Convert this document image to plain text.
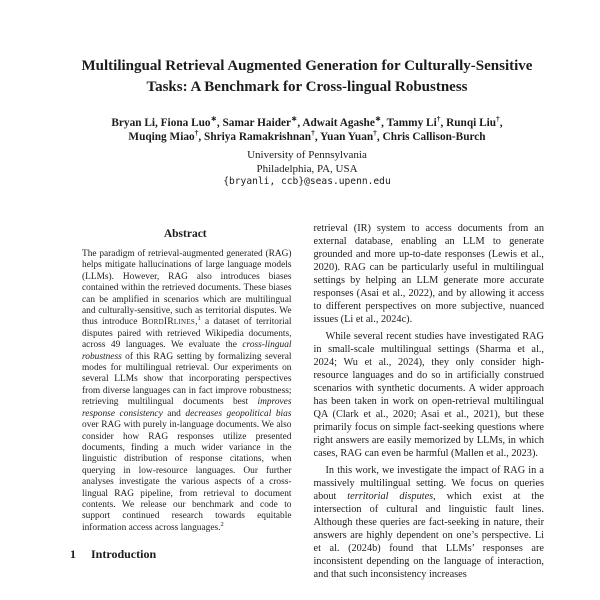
Multilingual Retrieval Augmented Generation for Culturally-Sensitive
Tasks: A Benchmark for Cross-lingual Robustness
Bryan Li, Fiona Luo∗, Samar Haider∗, Adwait Agashe∗, Tammy Li†, Runqi Liu†,
Muqing Miao†, Shriya Ramakrishnan†, Yuan Yuan†, Chris Callison-Burch
University of Pennsylvania
Philadelphia, PA, USA
{bryanli, ccb}@seas.upenn.edu
Abstract

The paradigm of retrieval-augmented generated (RAG) helps mitigate hallucinations of large language models (LLMs). However, RAG also introduces biases contained within the retrieved documents. These biases can be amplified in scenarios which are multilingual and culturally-sensitive, such as territorial disputes. We thus introduce BordIRlines,$^1$ a dataset of territorial disputes paired with retrieved Wikipedia documents, across 49 languages. We evaluate the cross-lingual robustness of this RAG setting by formalizing several modes for multilingual retrieval. Our experiments on several LLMs show that incorporating perspectives from diverse languages can in fact improve robustness; retrieving multilingual documents best improves response consistency and decreases geopolitical bias over RAG with purely in-language documents. We also consider how RAG responses utilize presented documents, finding a much wider variance in the linguistic distribution of response citations, when querying in low-resource languages. Our further analyses investigate the various aspects of a cross-lingual RAG pipeline, from retrieval to document contents. We release our benchmark and code to support continued research towards equitable information access across languages.$^2$

1 Introduction

retrieval (IR) system to access documents from an external database, enabling an LLM to generate grounded and more up-to-date responses (Lewis et al., 2020). RAG can be particularly useful in multilingual settings by helping an LLM generate more accurate responses (Asai et al., 2022), and by allowing it access to different perspectives on more subjective, nuanced issues (Li et al., 2024c).

While several recent studies have investigated RAG in small-scale multilingual settings (Sharma et al., 2024; Wu et al., 2024), they only consider high-resource languages and do so in artificially construed scenarios with synthetic documents. A wider approach has been taken in work on open-retrieval multilingual QA (Clark et al., 2020; Asai et al., 2021), but these primarily focus on simple fact-seeking questions where right answers are easily memorized by LLMs, in which cases, RAG can even be harmful (Mallen et al., 2023).

In this work, we investigate the impact of RAG in a massively multilingual setting. We focus on queries about territorial disputes, which exist at the intersection of cultural and linguistic fault lines. Although these queries are fact-seeking in nature, their answers are highly dependent on one’s perspective. Li et al. (2024b) found that LLMs’ responses are inconsistent depending on the language of interaction, and that such inconsistency increases
